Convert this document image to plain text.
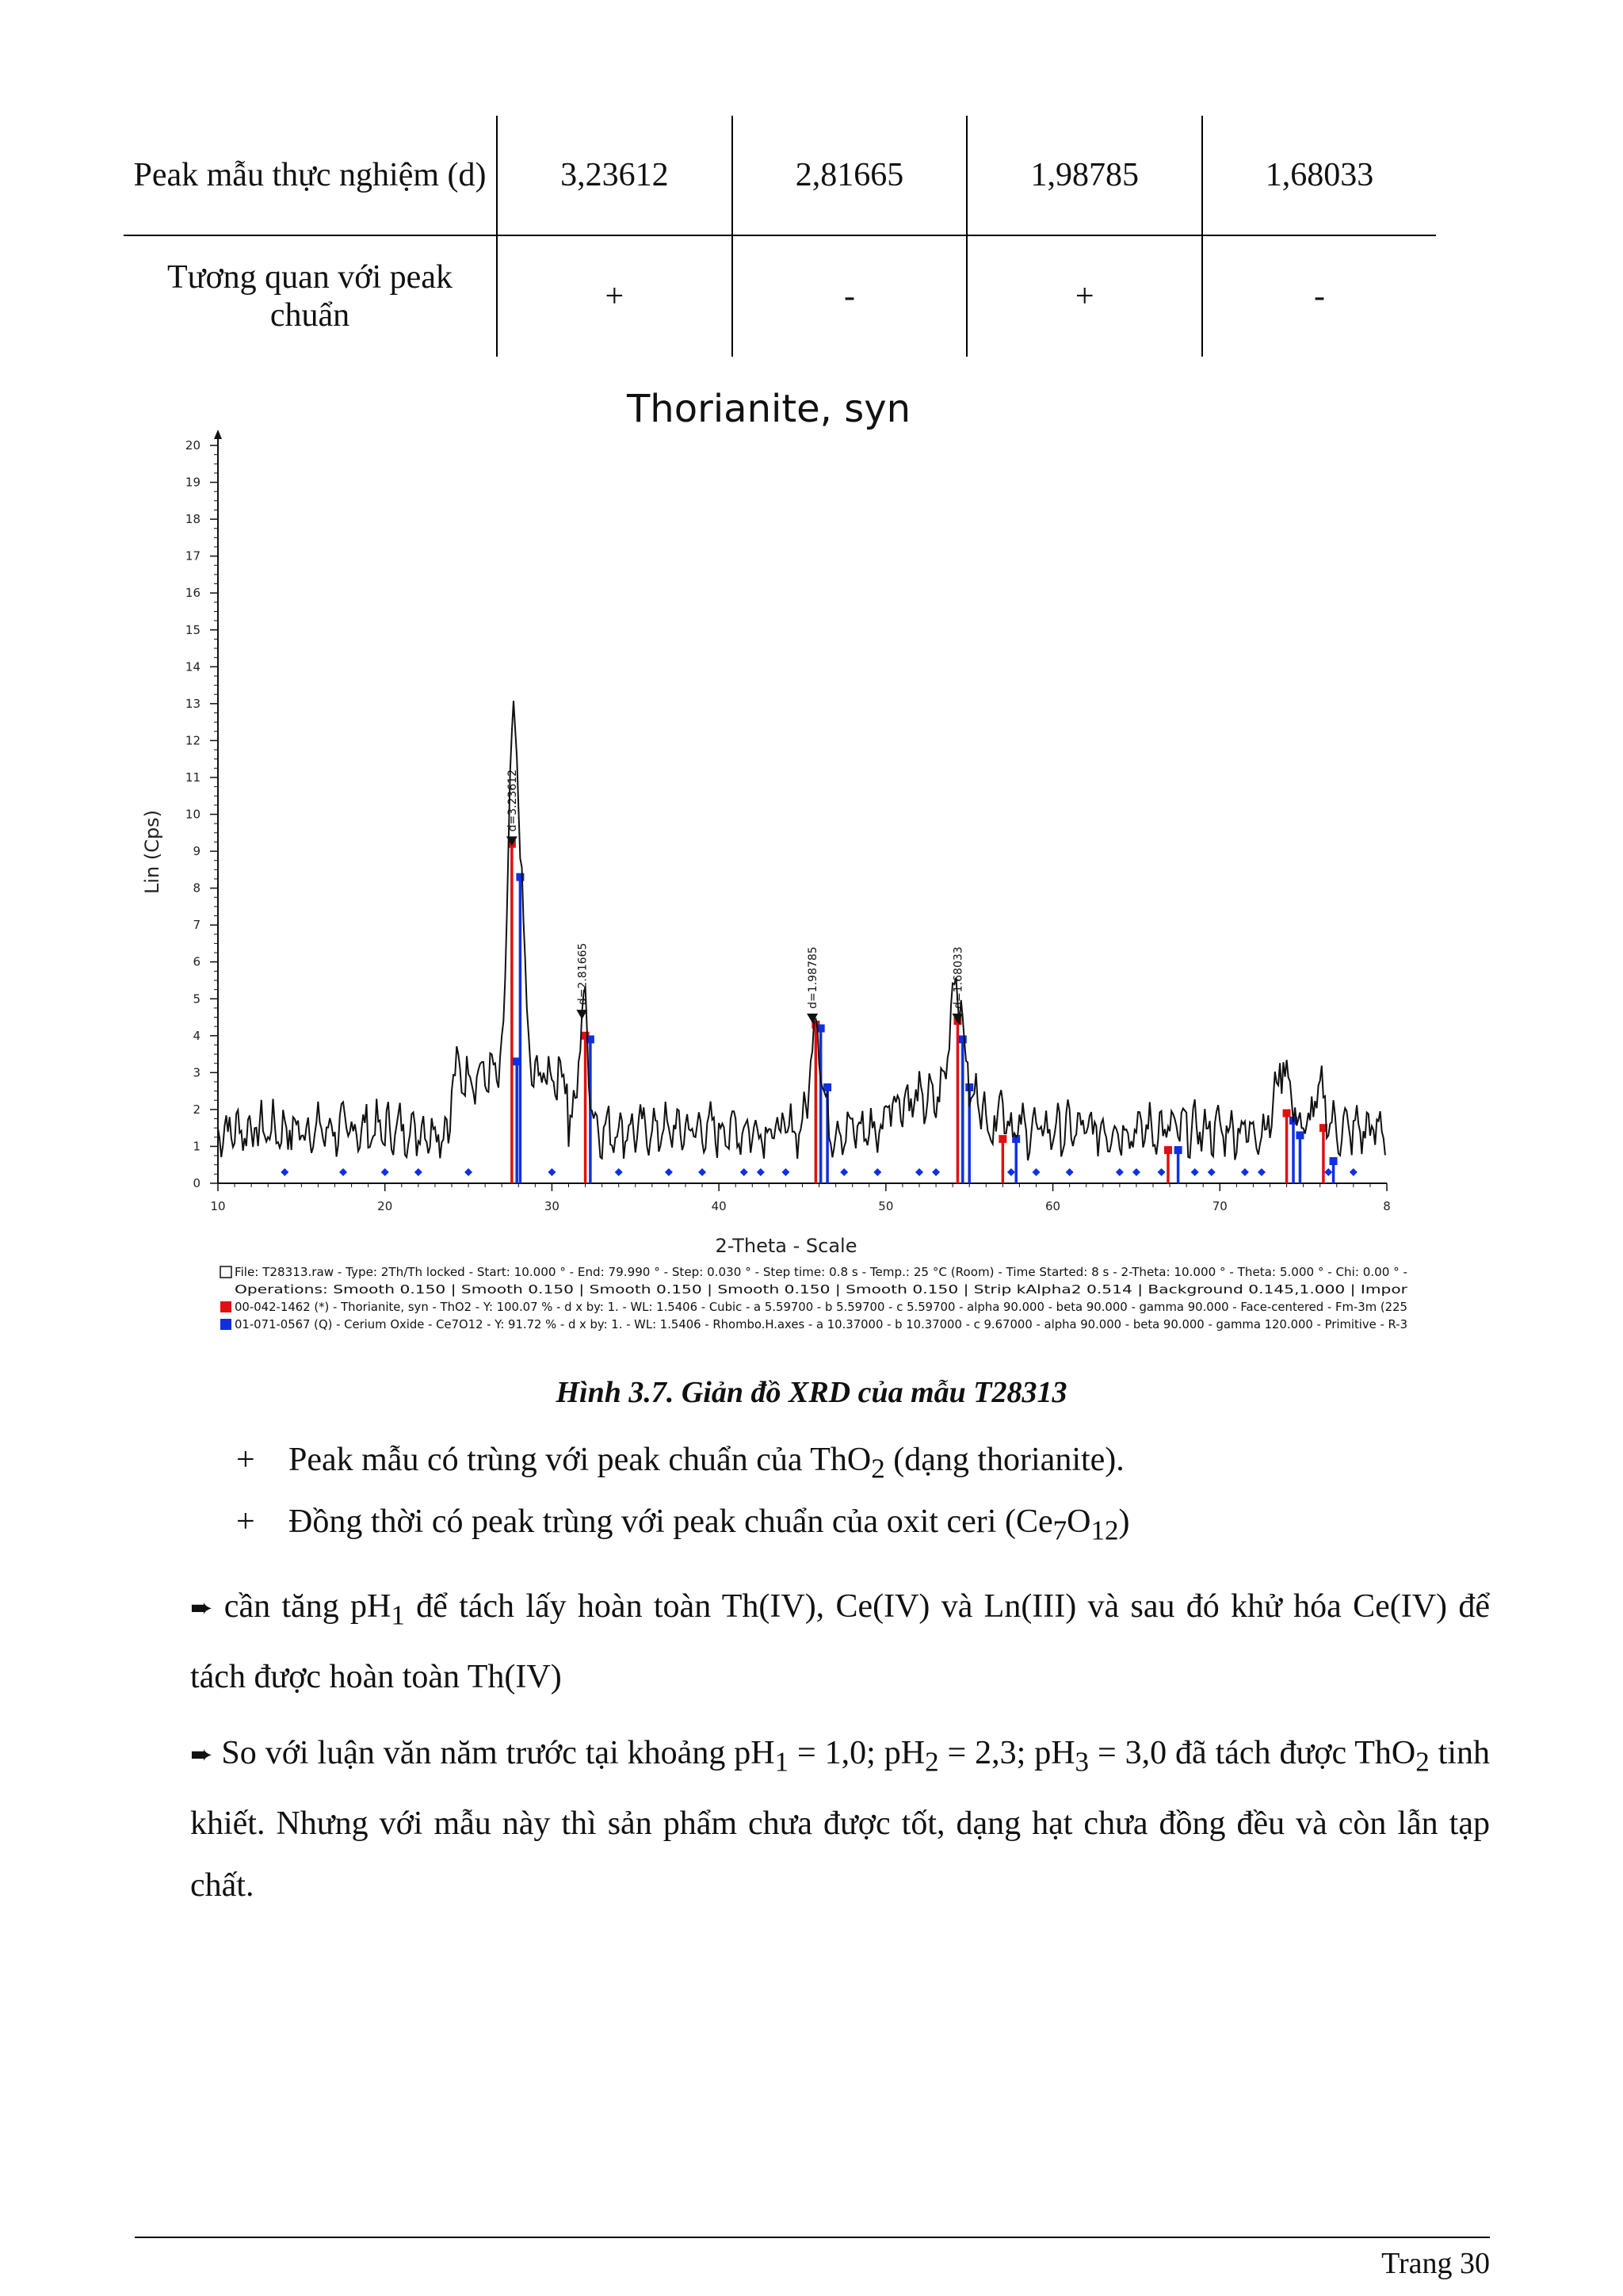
Peak mẫu thực nghiệm (d)	3,23612	2,81665	1,98785	1,68033
Tương quan với peak chuẩn	+	-	+	-
Thorianite, syn
0
1
2
3
4
5
6
7
8
9
10
11
12
13
14
15
16
17
18
19
20
10	20	30	40	50	60	70	8
Lin (Cps)
2-Theta - Scale
d=3.23612
d=2.81665	d=1.98785	d=1.68033
File: T28313.raw - Type: 2Th/Th locked - Start: 10.000 ° - End: 79.990 ° - Step: 0.030 ° - Step time: 0.8 s - Temp.: 25 °C (Room) - Time Started: 8 s - 2-Theta: 10.000 ° - Theta: 5.000 ° - Chi: 0.00 ° -
Operations: Smooth 0.150 | Smooth 0.150 | Smooth 0.150 | Smooth 0.150 | Smooth 0.150 | Strip kAlpha2 0.514 | Background 0.145,1.000 | Impor
00-042-1462 (*) - Thorianite, syn - ThO2 - Y: 100.07 % - d x by: 1. - WL: 1.5406 - Cubic - a 5.59700 - b 5.59700 - c 5.59700 - alpha 90.000 - beta 90.000 - gamma 90.000 - Face-centered - Fm-3m (225
01-071-0567 (Q) - Cerium Oxide - Ce7O12 - Y: 91.72 % - d x by: 1. - WL: 1.5406 - Rhombo.H.axes - a 10.37000 - b 10.37000 - c 9.67000 - alpha 90.000 - beta 90.000 - gamma 120.000 - Primitive - R-3
Hình 3.7. Giản đồ XRD của mẫu T28313
+ Peak mẫu có trùng với peak chuẩn của ThO$_2$ (dạng thorianite).
+ Đồng thời có peak trùng với peak chuẩn của oxit ceri $(Ce_7O_{12})$
➨ cần tăng $pH_1$ để tách lấy hoàn toàn Th(IV), Ce(IV) và Ln(III) và sau đó khử hóa Ce(IV) để tách được hoàn toàn Th(IV)
➨ So với luận văn năm trước tại khoảng $pH_1 = 1,0$; $pH_2 = 2,3$; $pH_3 = 3,0$ đã tách được ThO$_2$ tinh khiết. Nhưng với mẫu này thì sản phẩm chưa được tốt, dạng hạt chưa đồng đều và còn lẫn tạp chất.
Trang 30
